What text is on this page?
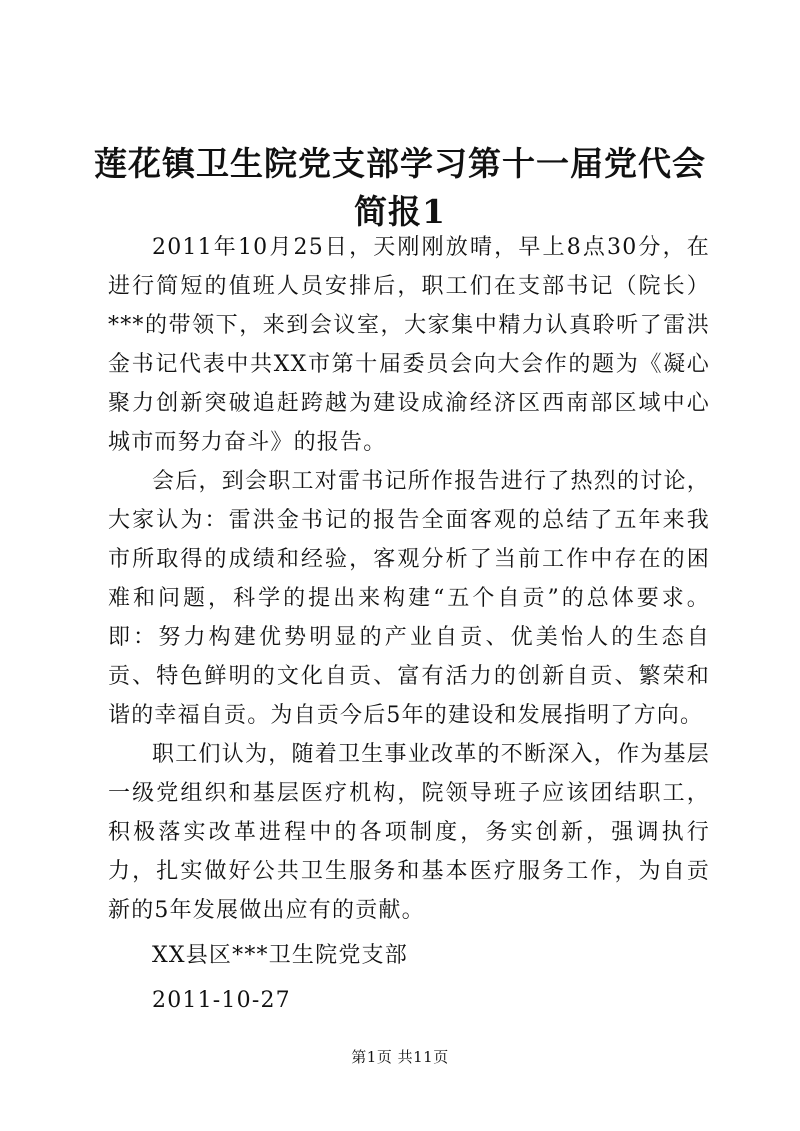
莲花镇卫生院党支部学习第十一届党代会简报1

2011年10月25日，天刚刚放晴，早上8点30分，在进行简短的值班人员安排后，职工们在支部书记（院长）***的带领下，来到会议室，大家集中精力认真聆听了雷洪金书记代表中共XX市第十届委员会向大会作的题为《凝心聚力创新突破追赶跨越为建设成渝经济区西南部区域中心城市而努力奋斗》的报告。

会后，到会职工对雷书记所作报告进行了热烈的讨论，大家认为：雷洪金书记的报告全面客观的总结了五年来我市所取得的成绩和经验，客观分析了当前工作中存在的困难和问题，科学的提出来构建“五个自贡”的总体要求。即：努力构建优势明显的产业自贡、优美怡人的生态自贡、特色鲜明的文化自贡、富有活力的创新自贡、繁荣和谐的幸福自贡。为自贡今后5年的建设和发展指明了方向。

职工们认为，随着卫生事业改革的不断深入，作为基层一级党组织和基层医疗机构，院领导班子应该团结职工，积极落实改革进程中的各项制度，务实创新，强调执行力，扎实做好公共卫生服务和基本医疗服务工作，为自贡新的5年发展做出应有的贡献。

XX县区***卫生院党支部

2011-10-27

第1页 共11页
